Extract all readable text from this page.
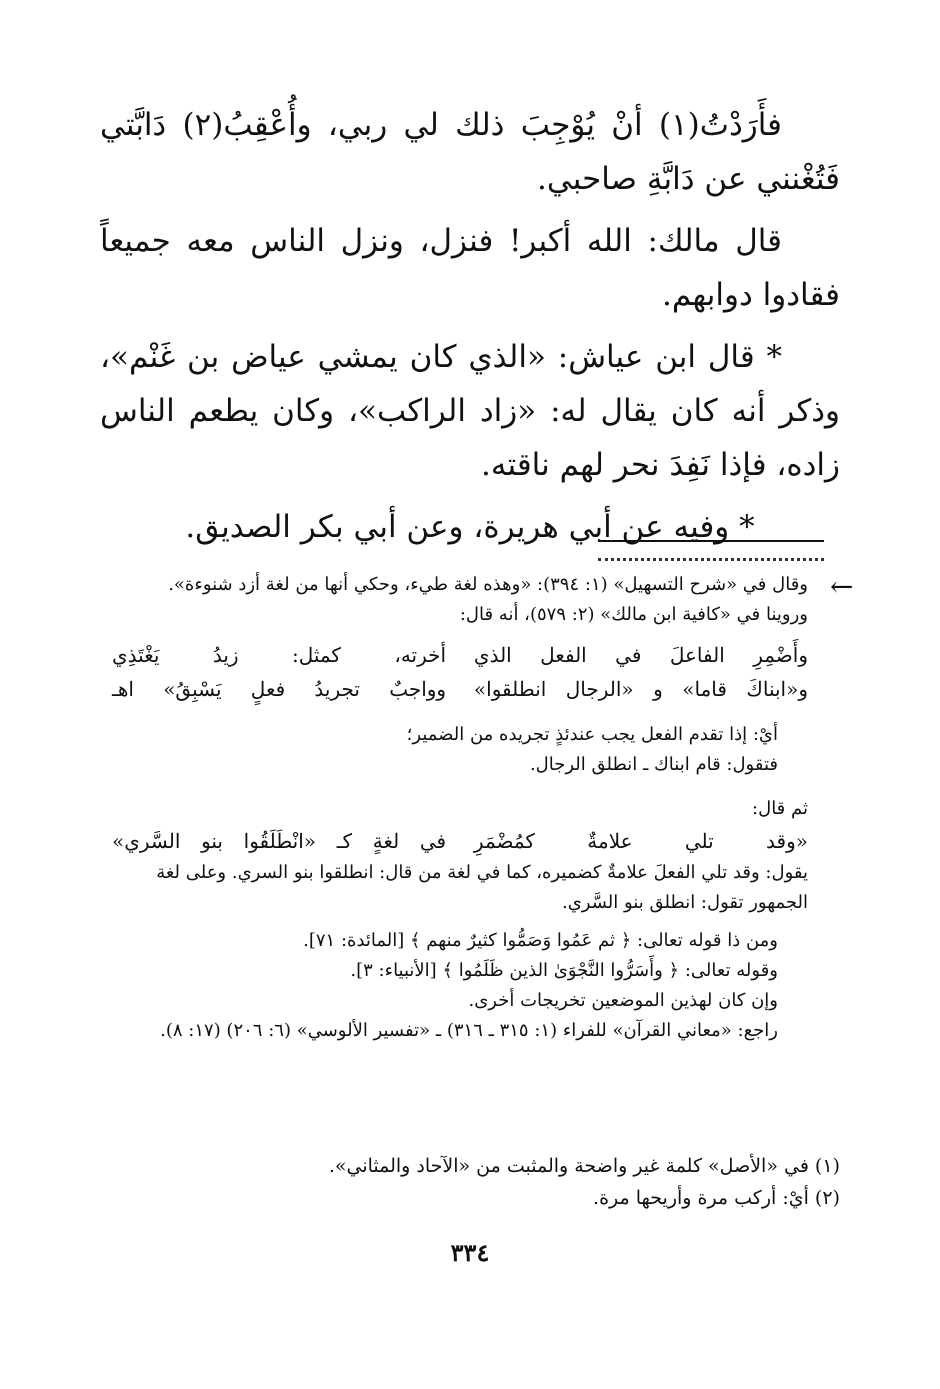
فأَرَدْتُ(١) أنْ يُوْجِبَ ذلك لي ربي، وأُعْقِبُ(٢) دَابَّتي فَتُغْنني عن دَابَّةِ صاحبي.

قال مالك: الله أكبر! فنزل، ونزل الناس معه جميعاً فقادوا دوابهم.

* قال ابن عياش: «الذي كان يمشي عياض بن غَنْم»، وذكر أنه كان يقال له: «زاد الراكب»، وكان يطعم الناس زاده، فإذا نَفِدَ نحر لهم ناقته.

* وفيه عن أبي هريرة، وعن أبي بكر الصديق.

←

وقال في «شرح التسهيل» (١: ٣٩٤): «وهذه لغة طيء، وحكي أنها من لغة أزد شنوءة».

وروينا في «كافية ابن مالك» (٢: ٥٧٩)، أنه قال:

وأَضْمِرِ الفاعلَ في الفعل الذي
أخرته، كمثل: زيدُ يَغْتَذِي
و«ابناكَ قاما» و «الرجال انطلقوا»
وواجبٌ تجريدُ فعلٍ يَسْبِقُ» اهـ

أيْ: إذا تقدم الفعل يجب عندئذٍ تجريده من الضمير؛

فتقول: قام ابناك ـ انطلق الرجال.

ثم قال:

«وقد تلي علامةٌ كمُضْمَرِ
في لغةٍ كـ «انْطَلَقُوا بنو السَّري»

يقول: وقد تلي الفعلَ علامةٌ كضميره، كما في لغة من قال: انطلقوا بنو السري. وعلى لغة الجمهور تقول: انطلق بنو السَّري.

ومن ذا قوله تعالى: ﴿ ثم عَمُوا وَصَمُّوا كثيرٌ منهم ﴾ [المائدة: ٧١].

وقوله تعالى: ﴿ وأَسَرُّوا النَّجْوَىٰ الذين ظَلَمُوا ﴾ [الأنبياء: ٣].

وإن كان لهذين الموضعين تخريجات أخرى.

راجع: «معاني القرآن» للفراء (١: ٣١٥ ـ ٣١٦) ـ «تفسير الألوسي» (٦: ٢٠٦) (١٧: ٨).

(١) في «الأصل» كلمة غير واضحة والمثبت من «الآحاد والمثاني».

(٢) أيْ: أركب مرة وأريحها مرة.

٣٣٤
